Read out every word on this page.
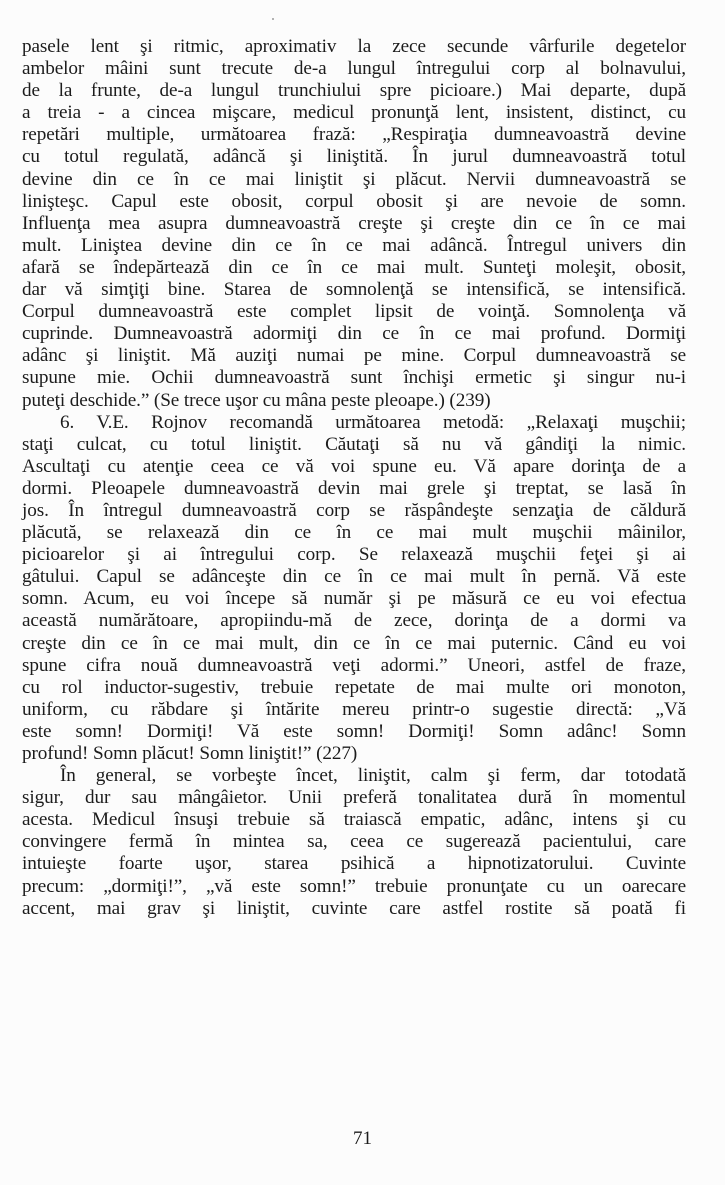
pasele lent şi ritmic, aproximativ la zece secunde vârfurile degetelor
ambelor mâini sunt trecute de-a lungul întregului corp al bolnavului,
de la frunte, de-a lungul trunchiului spre picioare.) Mai departe, după
a treia - a cincea mişcare, medicul pronunţă lent, insistent, distinct, cu
repetări multiple, următoarea frază: „Respiraţia dumneavoastră devine
cu totul regulată, adâncă şi liniştită. În jurul dumneavoastră totul
devine din ce în ce mai liniştit şi plăcut. Nervii dumneavoastră se
linişteşc. Capul este obosit, corpul obosit şi are nevoie de somn.
Influenţa mea asupra dumneavoastră creşte şi creşte din ce în ce mai
mult. Liniştea devine din ce în ce mai adâncă. Întregul univers din
afară se îndepărtează din ce în ce mai mult. Sunteţi moleşit, obosit,
dar vă simţiţi bine. Starea de somnolenţă se intensifică, se intensifică.
Corpul dumneavoastră este complet lipsit de voinţă. Somnolenţa vă
cuprinde. Dumneavoastră adormiţi din ce în ce mai profund. Dormiţi
adânc şi liniştit. Mă auziţi numai pe mine. Corpul dumneavoastră se
supune mie. Ochii dumneavoastră sunt închişi ermetic şi singur nu-i
puteţi deschide.” (Se trece uşor cu mâna peste pleoape.) (239)
6. V.E. Rojnov recomandă următoarea metodă: „Relaxaţi muşchii;
staţi culcat, cu totul liniştit. Căutaţi să nu vă gândiţi la nimic.
Ascultaţi cu atenţie ceea ce vă voi spune eu. Vă apare dorinţa de a
dormi. Pleoapele dumneavoastră devin mai grele şi treptat, se lasă în
jos. În întregul dumneavoastră corp se răspândeşte senzaţia de căldură
plăcută, se relaxează din ce în ce mai mult muşchii mâinilor,
picioarelor şi ai întregului corp. Se relaxează muşchii feţei şi ai
gâtului. Capul se adânceşte din ce în ce mai mult în pernă. Vă este
somn. Acum, eu voi începe să număr şi pe măsură ce eu voi efectua
această numărătoare, apropiindu-mă de zece, dorinţa de a dormi va
creşte din ce în ce mai mult, din ce în ce mai puternic. Când eu voi
spune cifra nouă dumneavoastră veţi adormi.” Uneori, astfel de fraze,
cu rol inductor-sugestiv, trebuie repetate de mai multe ori monoton,
uniform, cu răbdare şi întărite mereu printr-o sugestie directă: „Vă
este somn! Dormiţi! Vă este somn! Dormiţi! Somn adânc! Somn
profund! Somn plăcut! Somn liniştit!” (227)
În general, se vorbeşte încet, liniştit, calm şi ferm, dar totodată
sigur, dur sau mângâietor. Unii preferă tonalitatea dură în momentul
acesta. Medicul însuşi trebuie să traiască empatic, adânc, intens şi cu
convingere fermă în mintea sa, ceea ce sugerează pacientului, care
intuieşte foarte uşor, starea psihică a hipnotizatorului. Cuvinte
precum: „dormiţi!”, „vă este somn!” trebuie pronunţate cu un oarecare
accent, mai grav şi liniştit, cuvinte care astfel rostite să poată fi
71
